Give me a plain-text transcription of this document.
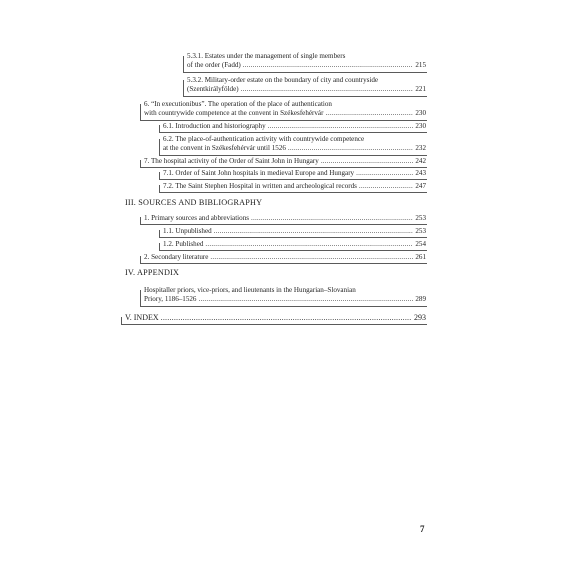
5.3.1. Estates under the management of single members
of the order (Fadd) .....	215
5.3.2. Military-order estate on the boundary of city and countryside
(Szentkirályfölde) .....	221
6. “In executionibus”. The operation of the place of authentication
with countrywide competence at the convent in Székesfehérvár .....	230
6.1. Introduction and historiography .....	230
6.2. The place-of-authentication activity with countrywide competence
at the convent in Székesfehérvár until 1526 .....	232
7. The hospital activity of the Order of Saint John in Hungary .....	242
7.1. Order of Saint John hospitals in medieval Europe and Hungary .....	243
7.2. The Saint Stephen Hospital in written and archeological records .....	247
III. SOURCES AND BIBLIOGRAPHY
1. Primary sources and abbreviations .....	253
1.1. Unpublished .....	253
1.2. Published .....	254
2. Secondary literature .....	261
IV. APPENDIX
Hospitaller priors, vice-priors, and lieutenants in the Hungarian–Slovanian
Priory, 1186–1526 .....	289
V. INDEX .....	293
7
